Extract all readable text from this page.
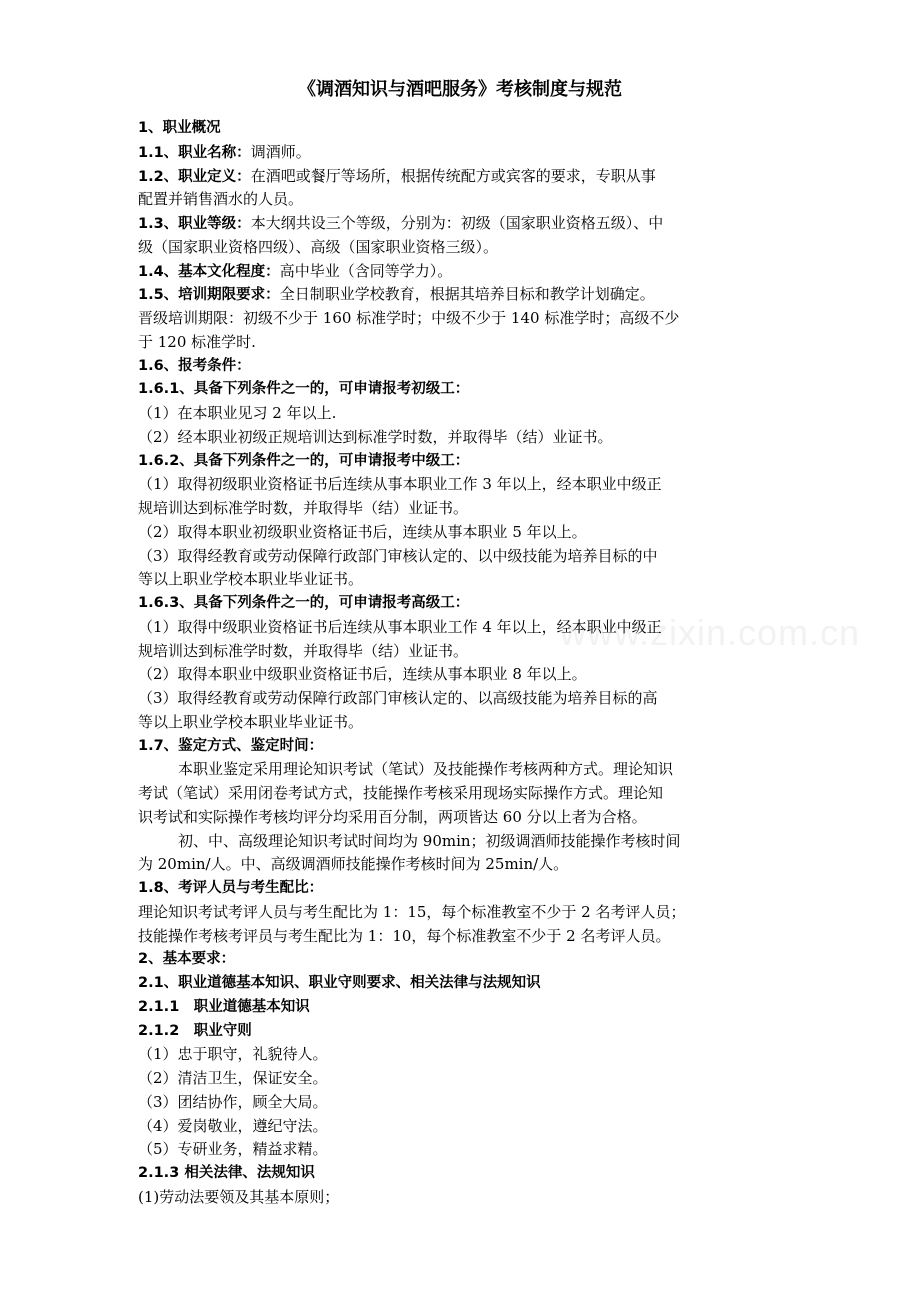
www.zixin.com.cn
《调酒知识与酒吧服务》考核制度与规范
1、职业概况
1.1、职业名称：调酒师。
1.2、职业定义：在酒吧或餐厅等场所，根据传统配方或宾客的要求，专职从事
配置并销售酒水的人员。
1.3、职业等级：本大纲共设三个等级，分别为：初级（国家职业资格五级）、中
级（国家职业资格四级）、高级（国家职业资格三级）。
1.4、基本文化程度：高中毕业（含同等学力）。
1.5、培训期限要求：全日制职业学校教育，根据其培养目标和教学计划确定。
晋级培训期限：初级不少于 160 标准学时；中级不少于 140 标准学时；高级不少
于 120 标准学时.
1.6、报考条件：
1.6.1、具备下列条件之一的，可申请报考初级工：
（1）在本职业见习 2 年以上.
（2）经本职业初级正规培训达到标准学时数，并取得毕（结）业证书。
1.6.2、具备下列条件之一的，可申请报考中级工：
（1）取得初级职业资格证书后连续从事本职业工作 3 年以上，经本职业中级正
规培训达到标准学时数，并取得毕（结）业证书。
（2）取得本职业初级职业资格证书后，连续从事本职业 5 年以上。
（3）取得经教育或劳动保障行政部门审核认定的、以中级技能为培养目标的中
等以上职业学校本职业毕业证书。
1.6.3、具备下列条件之一的，可申请报考高级工：
（1）取得中级职业资格证书后连续从事本职业工作 4 年以上，经本职业中级正
规培训达到标准学时数，并取得毕（结）业证书。
（2）取得本职业中级职业资格证书后，连续从事本职业 8 年以上。
（3）取得经教育或劳动保障行政部门审核认定的、以高级技能为培养目标的高
等以上职业学校本职业毕业证书。
1.7、鉴定方式、鉴定时间：
本职业鉴定采用理论知识考试（笔试）及技能操作考核两种方式。理论知识
考试（笔试）采用闭卷考试方式，技能操作考核采用现场实际操作方式。理论知
识考试和实际操作考核均评分均采用百分制，两项皆达 60 分以上者为合格。
初、中、高级理论知识考试时间均为 90min；初级调酒师技能操作考核时间
为 20min/人。中、高级调酒师技能操作考核时间为 25min/人。
1.8、考评人员与考生配比：
理论知识考试考评人员与考生配比为 1：15，每个标准教室不少于 2 名考评人员；
技能操作考核考评员与考生配比为 1：10，每个标准教室不少于 2 名考评人员。
2、基本要求：
2.1、职业道德基本知识、职业守则要求、相关法律与法规知识
2.1.1　职业道德基本知识
2.1.2　职业守则
（1）忠于职守，礼貌待人。
（2）清洁卫生，保证安全。
（3）团结协作，顾全大局。
（4）爱岗敬业，遵纪守法。
（5）专研业务，精益求精。
2.1.3 相关法律、法规知识
(1)劳动法要领及其基本原则；
